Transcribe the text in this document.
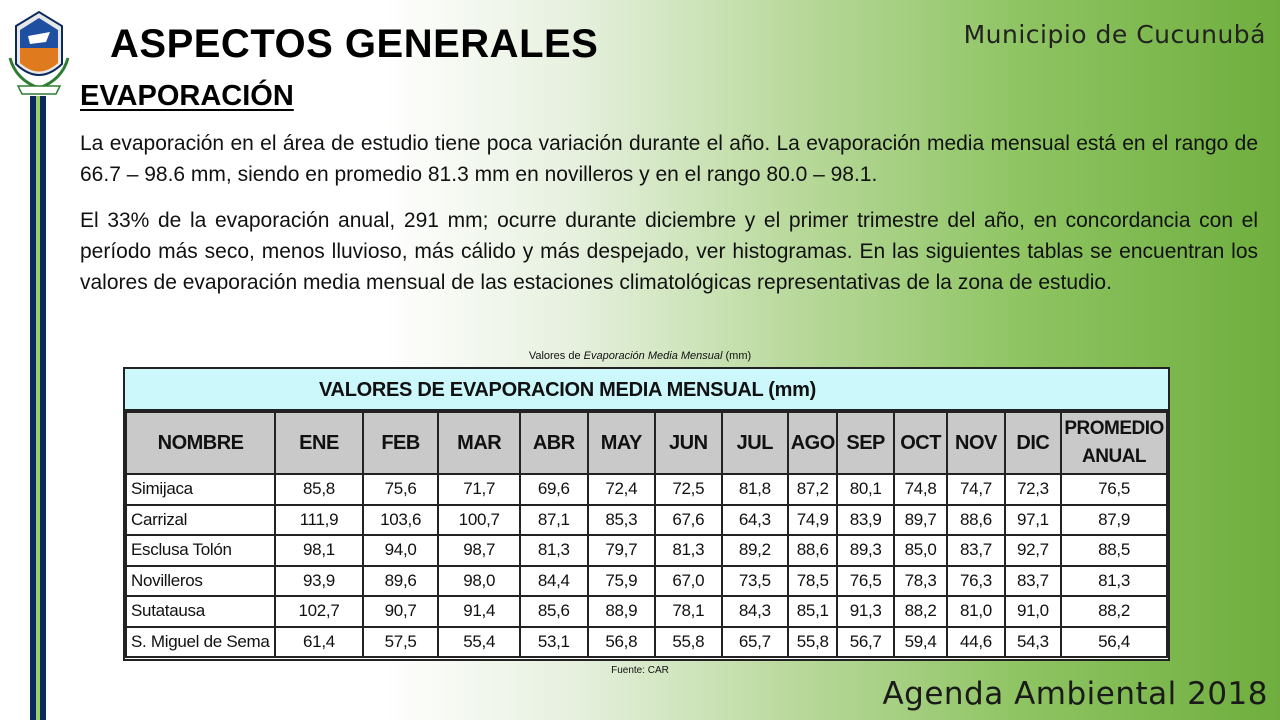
ASPECTOS GENERALES	Municipio de Cucunubá
EVAPORACIÓN

La evaporación en el área de estudio tiene poca variación durante el año. La evaporación media mensual está en el rango de 66.7 – 98.6 mm, siendo en promedio 81.3 mm en novilleros y en el rango 80.0 – 98.1.

El 33% de la evaporación anual, 291 mm; ocurre durante diciembre y el primer trimestre del año, en concordancia con el período más seco, menos lluvioso, más cálido y más despejado, ver histogramas. En las siguientes tablas se encuentran los valores de evaporación media mensual de las estaciones climatológicas representativas de la zona de estudio.

Valores de Evaporación Media Mensual (mm)
VALORES DE EVAPORACION MEDIA MENSUAL (mm)
NOMBRE	ENE	FEB	MAR	ABR	MAY	JUN	JUL	AGO	SEP	OCT	NOV	DIC	PROMEDIO ANUAL
Simijaca	85,8	75,6	71,7	69,6	72,4	72,5	81,8	87,2	80,1	74,8	74,7	72,3	76,5
Carrizal	111,9	103,6	100,7	87,1	85,3	67,6	64,3	74,9	83,9	89,7	88,6	97,1	87,9
Esclusa Tolón	98,1	94,0	98,7	81,3	79,7	81,3	89,2	88,6	89,3	85,0	83,7	92,7	88,5
Novilleros	93,9	89,6	98,0	84,4	75,9	67,0	73,5	78,5	76,5	78,3	76,3	83,7	81,3
Sutatausa	102,7	90,7	91,4	85,6	88,9	78,1	84,3	85,1	91,3	88,2	81,0	91,0	88,2
S. Miguel de Sema	61,4	57,5	55,4	53,1	56,8	55,8	65,7	55,8	56,7	59,4	44,6	54,3	56,4
Fuente: CAR
Agenda Ambiental 2018
